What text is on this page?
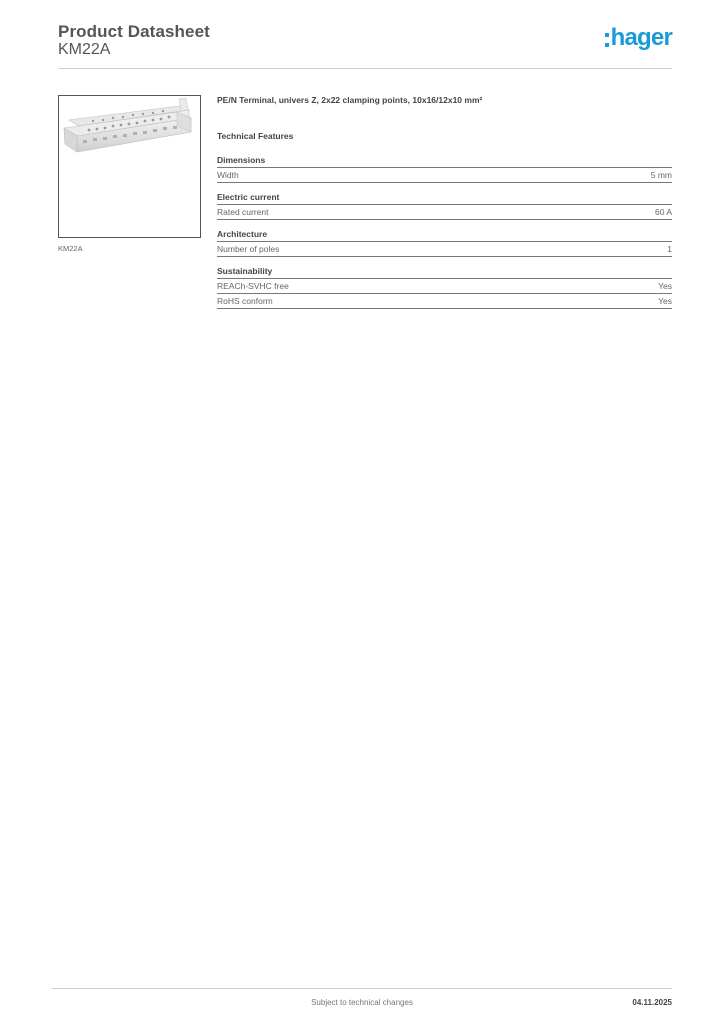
Product Datasheet
KM22A	hager
KM22A
PE/N Terminal, univers Z, 2x22 clamping points, 10x16/12x10 mm²
Technical Features
Dimensions
Width	5 mm
Electric current
Rated current	60 A
Architecture
Number of poles	1
Sustainability
REACh-SVHC free	Yes
RoHS conform	Yes
Subject to technical changes	04.11.2025
